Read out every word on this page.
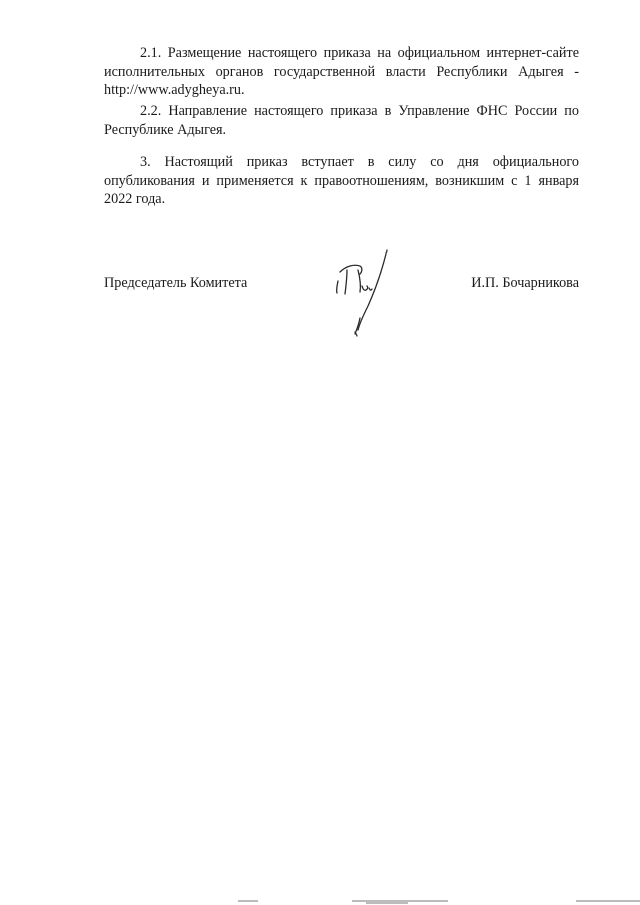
2.1. Размещение настоящего приказа на официальном интернет-сайте исполнительных органов государственной власти Республики Адыгея - http://www.adygheya.ru.

2.2. Направление настоящего приказа в Управление ФНС России по Республике Адыгея.

3. Настоящий приказ вступает в силу со дня официального опубликования и применяется к правоотношениям, возникшим с 1 января 2022 года.

Председатель Комитета	И.П. Бочарникова
